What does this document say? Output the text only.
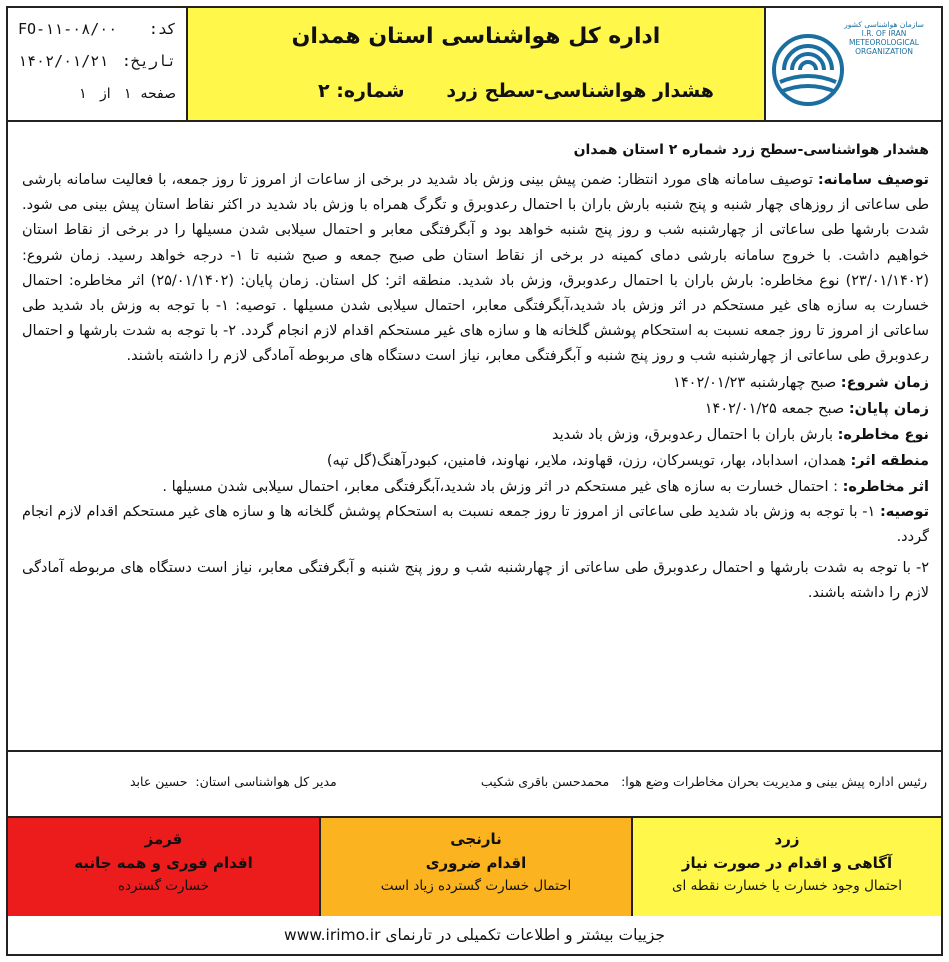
کد:
FO-۱۱-۰۸/۰۰
تاریخ:
۱۴۰۲/۰۱/۲۱
صفحه  ۱   از   ۱
اداره کل هواشناسی استان همدان
هشدار هواشناسی-سطح زرد
شماره: ۲
سازمان هواشناسی کشور
I.R. OF IRAN
METEOROLOGICAL
ORGANIZATION
هشدار هواشناسی-سطح زرد شماره ۲ استان همدان

توصیف سامانه: توصیف سامانه های مورد انتظار: ضمن پیش بینی وزش باد شدید در برخی از ساعات از امروز تا روز جمعه، با فعالیت سامانه بارشی طی ساعاتی از روزهای چهار شنبه و پنج شنبه بارش باران با احتمال رعدوبرق و تگرگ همراه با وزش باد شدید در اکثر نقاط استان پیش بینی می شود. شدت بارشها طی ساعاتی از چهارشنبه شب و روز پنج شنبه خواهد بود و آبگرفتگی معابر و احتمال سیلابی شدن مسیلها را در برخی از نقاط استان خواهیم داشت. با خروج سامانه بارشی دمای کمینه در برخی از نقاط استان طی صبح جمعه و صبح شنبه تا ۱- درجه خواهد رسید. زمان شروع: (۲۳/۰۱/۱۴۰۲) نوع مخاطره: بارش باران با احتمال رعدوبرق، وزش باد شدید. منطقه اثر: کل استان. زمان پایان: (۲۵/۰۱/۱۴۰۲) اثر مخاطره: احتمال خسارت به سازه های غیر مستحکم در اثر وزش باد شدید،آبگرفتگی معابر، احتمال سیلابی شدن مسیلها . توصیه: ۱- با توجه به وزش باد شدید طی ساعاتی از امروز تا روز جمعه نسبت به استحکام پوشش گلخانه ها و سازه های غیر مستحکم اقدام لازم انجام گردد. ۲- با توجه به شدت بارشها و احتمال رعدوبرق طی ساعاتی از چهارشنبه شب و روز پنج شنبه و آبگرفتگی معابر، نیاز است دستگاه های مربوطه آمادگی لازم را داشته باشند.

زمان شروع: صبح چهارشنبه ۱۴۰۲/۰۱/۲۳

زمان پایان: صبح جمعه ۱۴۰۲/۰۱/۲۵

نوع مخاطره: بارش باران با احتمال رعدوبرق، وزش باد شدید

منطقه اثر: همدان، اسداباد، بهار، تویسرکان، رزن، قهاوند، ملایر، نهاوند، فامنین، کبودرآهنگ(گل تپه)

اثر مخاطره: : احتمال خسارت به سازه های غیر مستحکم در اثر وزش باد شدید،آبگرفتگی معابر، احتمال سیلابی شدن مسیلها .

توصیه: ۱- با توجه به وزش باد شدید طی ساعاتی از امروز تا روز جمعه نسبت به استحکام پوشش گلخانه ها و سازه های غیر مستحکم اقدام لازم انجام گردد.

۲- با توجه به شدت بارشها و احتمال رعدوبرق طی ساعاتی از چهارشنبه شب و روز پنج شنبه و آبگرفتگی معابر، نیاز است دستگاه های مربوطه آمادگی لازم را داشته باشند.

رئیس اداره پیش بینی و مدیریت بحران مخاطرات وضع هوا:   محمدحسن باقری شکیب
مدیر کل هواشناسی استان:  حسین عابد
زرد
آگاهی و اقدام در صورت نیاز
احتمال وجود خسارت یا خسارت نقطه ای
نارنجی
اقدام ضروری
احتمال خسارت گسترده زیاد است
قرمز
اقدام فوری و همه جانبه
خسارت گسترده
جزییات بیشتر و اطلاعات تکمیلی در تارنمای www.irimo.ir
